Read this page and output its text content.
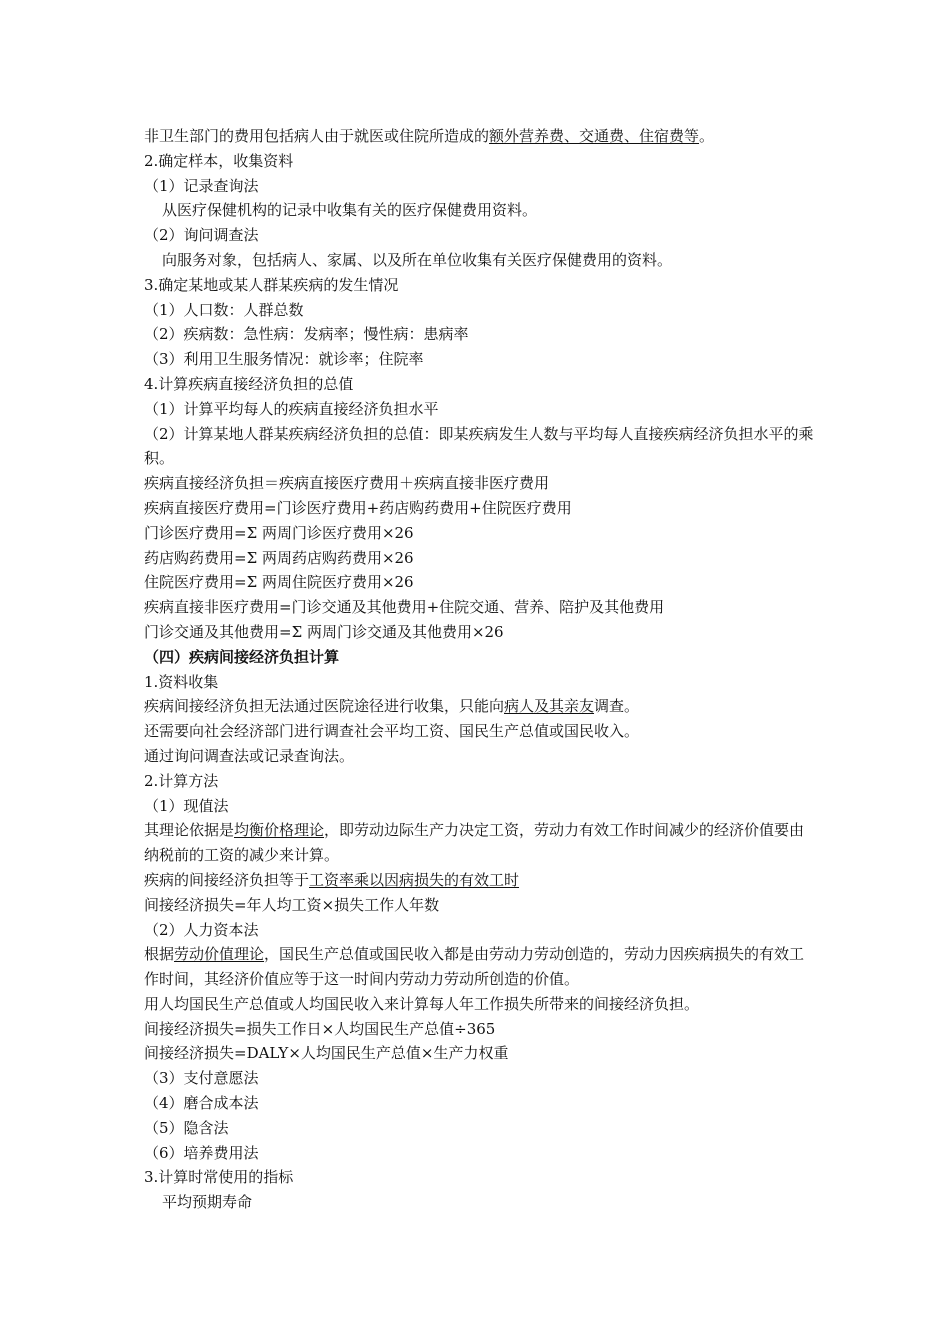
非卫生部门的费用包括病人由于就医或住院所造成的额外营养费、交通费、住宿费等。

2.确定样本，收集资料

（1）记录查询法

从医疗保健机构的记录中收集有关的医疗保健费用资料。

（2）询问调查法

向服务对象，包括病人、家属、以及所在单位收集有关医疗保健费用的资料。

3.确定某地或某人群某疾病的发生情况

（1）人口数：人群总数

（2）疾病数：急性病：发病率；慢性病：患病率

（3）利用卫生服务情况：就诊率；住院率

4.计算疾病直接经济负担的总值

（1）计算平均每人的疾病直接经济负担水平

（2）计算某地人群某疾病经济负担的总值：即某疾病发生人数与平均每人直接疾病经济负担水平的乘积。

疾病直接经济负担＝疾病直接医疗费用＋疾病直接非医疗费用

疾病直接医疗费用=门诊医疗费用+药店购药费用+住院医疗费用

门诊医疗费用=Σ 两周门诊医疗费用×26

药店购药费用=Σ 两周药店购药费用×26

住院医疗费用=Σ 两周住院医疗费用×26

疾病直接非医疗费用=门诊交通及其他费用+住院交通、营养、陪护及其他费用

门诊交通及其他费用=Σ 两周门诊交通及其他费用×26

（四）疾病间接经济负担计算

1.资料收集

疾病间接经济负担无法通过医院途径进行收集，只能向病人及其亲友调查。

还需要向社会经济部门进行调查社会平均工资、国民生产总值或国民收入。

通过询问调查法或记录查询法。

2.计算方法

（1）现值法

其理论依据是均衡价格理论，即劳动边际生产力决定工资，劳动力有效工作时间减少的经济价值要由纳税前的工资的减少来计算。

疾病的间接经济负担等于工资率乘以因病损失的有效工时

间接经济损失=年人均工资×损失工作人年数

（2）人力资本法

根据劳动价值理论，国民生产总值或国民收入都是由劳动力劳动创造的，劳动力因疾病损失的有效工作时间，其经济价值应等于这一时间内劳动力劳动所创造的价值。

用人均国民生产总值或人均国民收入来计算每人年工作损失所带来的间接经济负担。

间接经济损失=损失工作日×人均国民生产总值÷365

间接经济损失=DALY×人均国民生产总值×生产力权重

（3）支付意愿法

（4）磨合成本法

（5）隐含法

（6）培养费用法

3.计算时常使用的指标

平均预期寿命
